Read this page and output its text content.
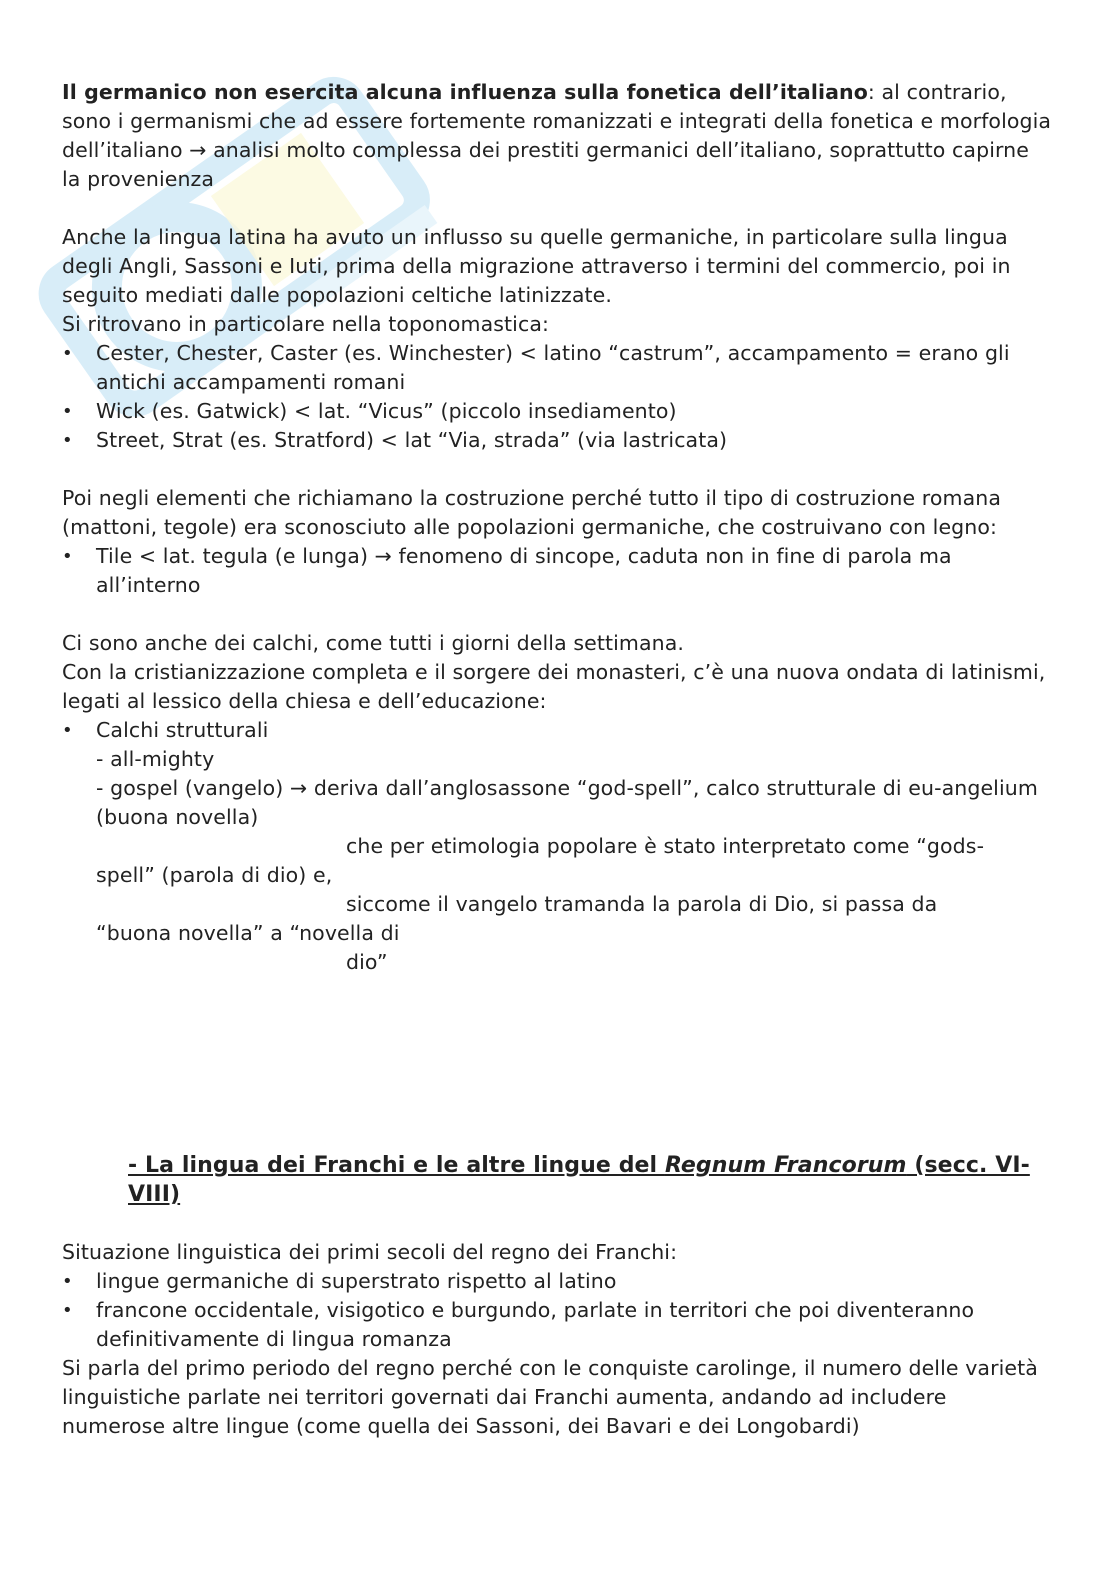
Il germanico non esercita alcuna influenza sulla fonetica dell’italiano: al contrario, sono i germanismi che ad essere fortemente romanizzati e integrati della fonetica e morfologia dell’italiano → analisi molto complessa dei prestiti germanici dell’italiano, soprattutto capirne la provenienza

Anche la lingua latina ha avuto un influsso su quelle germaniche, in particolare sulla lingua degli Angli, Sassoni e Iuti, prima della migrazione attraverso i termini del commercio, poi in seguito mediati dalle popolazioni celtiche latinizzate.

Si ritrovano in particolare nella toponomastica:

• Cester, Chester, Caster (es. Winchester) < latino “castrum”, accampamento = erano gli antichi accampamenti romani
• Wick (es. Gatwick) < lat. “Vicus” (piccolo insediamento)
• Street, Strat (es. Stratford) < lat “Via, strada” (via lastricata)

Poi negli elementi che richiamano la costruzione perché tutto il tipo di costruzione romana (mattoni, tegole) era sconosciuto alle popolazioni germaniche, che costruivano con legno:

• Tile < lat. tegula (e lunga) → fenomeno di sincope, caduta non in fine di parola ma all’interno

Ci sono anche dei calchi, come tutti i giorni della settimana.

Con la cristianizzazione completa e il sorgere dei monasteri, c’è una nuova ondata di latinismi, legati al lessico della chiesa e dell’educazione:

• Calchi strutturali
- all-mighty
- gospel (vangelo) → deriva dall’anglosassone “god-spell”, calco strutturale di eu-angelium (buona novella)
che per etimologia popolare è stato interpretato come “gods-
spell” (parola di dio) e,
siccome il vangelo tramanda la parola di Dio, si passa da
“buona novella” a “novella di
dio”
- La lingua dei Franchi e le altre lingue del Regnum Francorum (secc. VI-VIII)

Situazione linguistica dei primi secoli del regno dei Franchi:

• lingue germaniche di superstrato rispetto al latino
• francone occidentale, visigotico e burgundo, parlate in territori che poi diventeranno definitivamente di lingua romanza

Si parla del primo periodo del regno perché con le conquiste carolinge, il numero delle varietà linguistiche parlate nei territori governati dai Franchi aumenta, andando ad includere numerose altre lingue (come quella dei Sassoni, dei Bavari e dei Longobardi)
